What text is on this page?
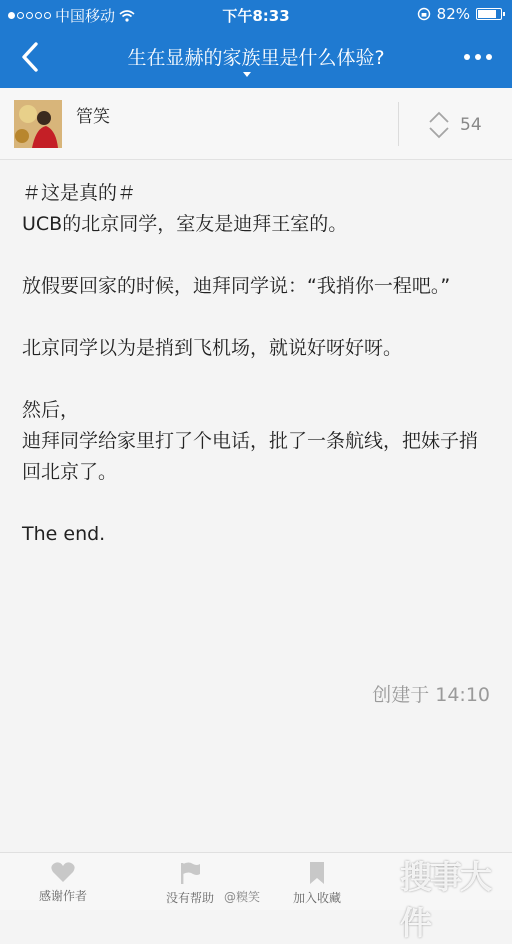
中国移动	下午8:33	82%
生在显赫的家族里是什么体验?
管笑	54

＃这是真的＃

UCB的北京同学，室友是迪拜王室的。

放假要回家的时候，迪拜同学说：“我捎你一程吧。”

北京同学以为是捎到飞机场，就说好呀好呀。

然后，

迪拜同学给家里打了个电话，批了一条航线，把妹子捎回北京了。

The end.

创建于 14:10
感谢作者	没有帮助	加入收藏
@糗笑
搜事大件
